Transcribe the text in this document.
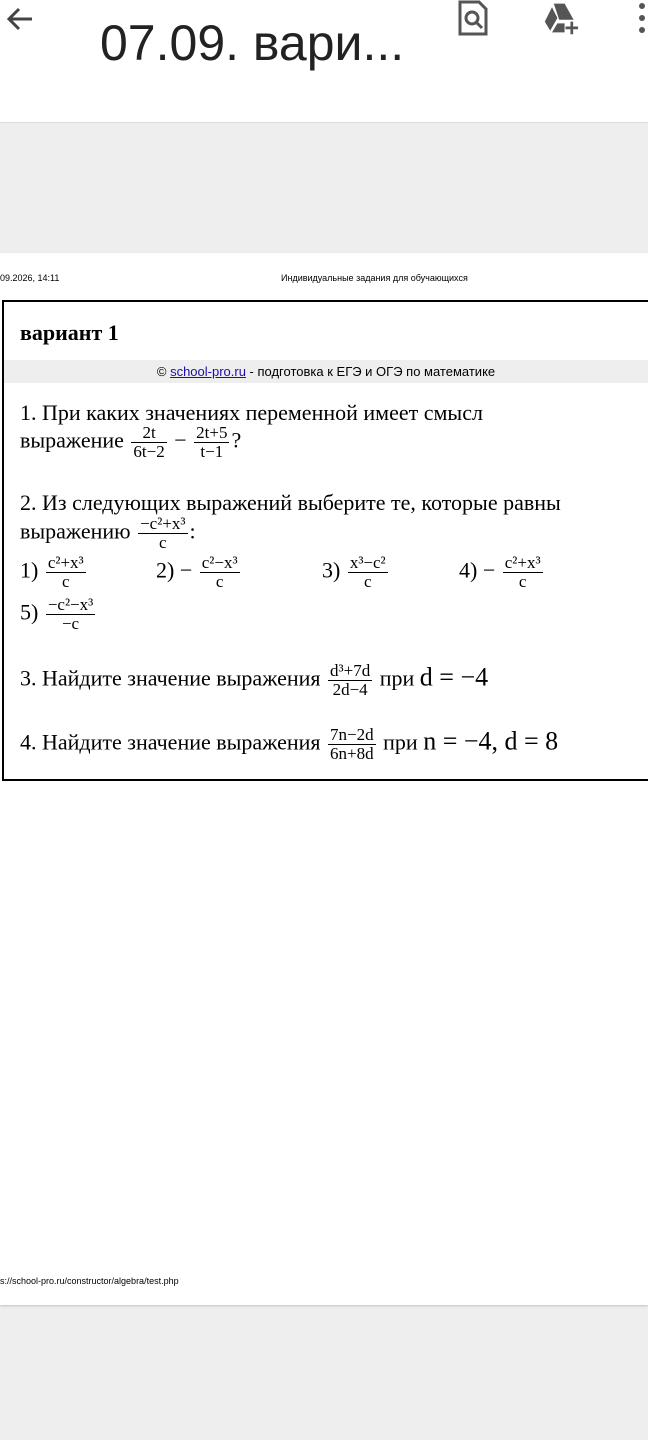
07.09. вари...
09.2026, 14:11	Индивидуальные задания для обучающихся
вариант 1
© school-pro.ru - подготовка к ЕГЭ и ОГЭ по математике
1. При каких значениях переменной имеет смысл
выражение $\frac{2t}{6t-2} - \frac{2t+5}{t-1}$ ?
2. Из следующих выражений выберите те, которые равны
выражению $\frac{\text{−c²+x³}}{c}$ :
$1) \frac{\text{c²+x³}}{c}$	$2) - \frac{\text{c²−x³}}{c}$	$3) \frac{\text{x³−c²}}{c}$	$4) - \frac{\text{c²+x³}}{c}$
$5) \frac{\text{−c²−x³}}{-c}$
3. Найдите значение выражения $\frac{\text{d³+7d}}{2d-4}$ при d = −4
4. Найдите значение выражения $\frac{7n-2d}{6n+8d}$ при n = −4, d = 8
s://school-pro.ru/constructor/algebra/test.php
